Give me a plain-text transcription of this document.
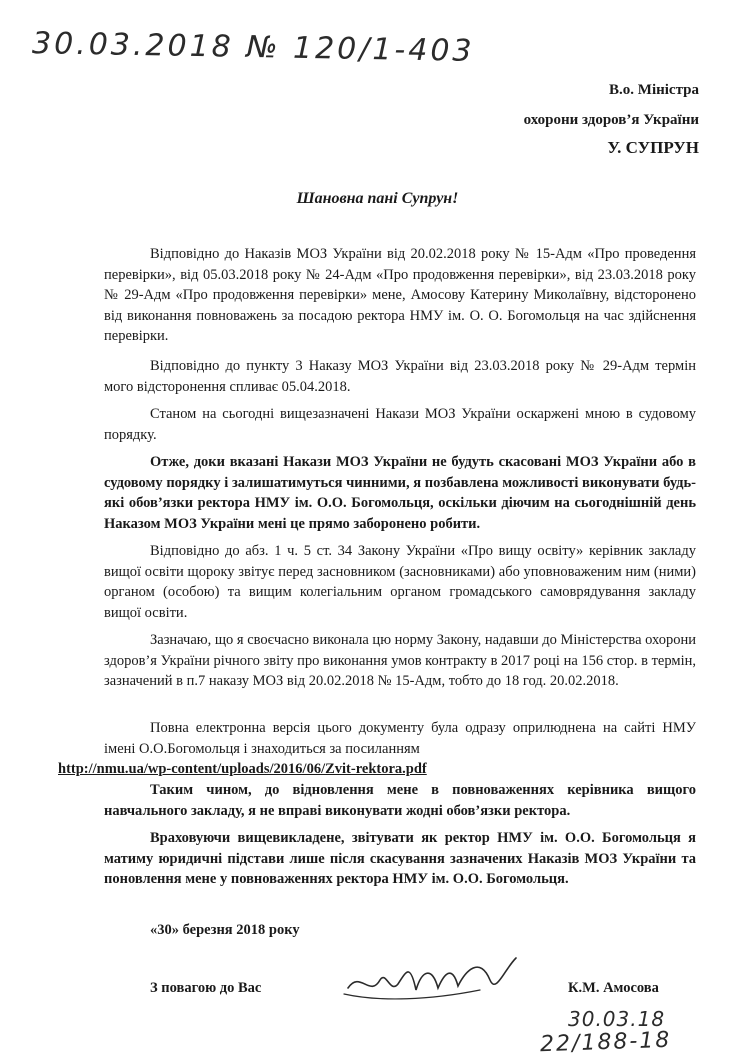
30.03.2018 № 120/1-403
В.о. Міністра
охорони здоров’я України
У. СУПРУН
Шановна пані Супрун!

Відповідно до Наказів МОЗ України від 20.02.2018 року № 15-Адм «Про проведення перевірки», від 05.03.2018 року № 24-Адм «Про продовження перевірки», від 23.03.2018 року № 29-Адм «Про продовження перевірки» мене, Амосову Катерину Миколаївну, відсторонено від виконання повноважень за посадою ректора НМУ ім. О. О. Богомольця на час здійснення перевірки.

Відповідно до пункту 3 Наказу МОЗ України від 23.03.2018 року № 29-Адм термін мого відсторонення спливає 05.04.2018.

Станом на сьогодні вищезазначені Накази МОЗ України оскаржені мною в судовому порядку.

Отже, доки вказані Накази МОЗ України не будуть скасовані МОЗ України або в судовому порядку і залишатимуться чинними, я позбавлена можливості виконувати будь-які обов’язки ректора НМУ ім. О.О. Богомольця, оскільки діючим на сьогоднішній день Наказом МОЗ України мені це прямо заборонено робити.

Відповідно до абз. 1 ч. 5 ст. 34 Закону України «Про вищу освіту» керівник закладу вищої освіти щороку звітує перед засновником (засновниками) або уповноваженим ним (ними) органом (особою) та вищим колегіальним органом громадського самоврядування закладу вищої освіти.

Зазначаю, що я своєчасно виконала цю норму Закону, надавши до Міністерства охорони здоров’я України річного звіту про виконання умов контракту в 2017 році на 156 стор. в термін, зазначений в п.7 наказу МОЗ від 20.02.2018 № 15-Адм, тобто до 18 год. 20.02.2018.

Повна електронна версія цього документу була одразу оприлюднена на сайті НМУ імені О.О.Богомольця і знаходиться за посиланням
http://nmu.ua/wp-content/uploads/2016/06/Zvit-rektora.pdf

Таким чином, до відновлення мене в повноваженнях керівника вищого навчального закладу, я не вправі виконувати жодні обов’язки ректора.

Враховуючи вищевикладене, звітувати як ректор НМУ ім. О.О. Богомольця я матиму юридичні підстави лише після скасування зазначених Наказів МОЗ України та поновлення мене у повноваженнях ректора НМУ ім. О.О. Богомольця.

«30» березня 2018 року
З повагою до Вас	К.М. Амосова
30.03.18
22/188-18
